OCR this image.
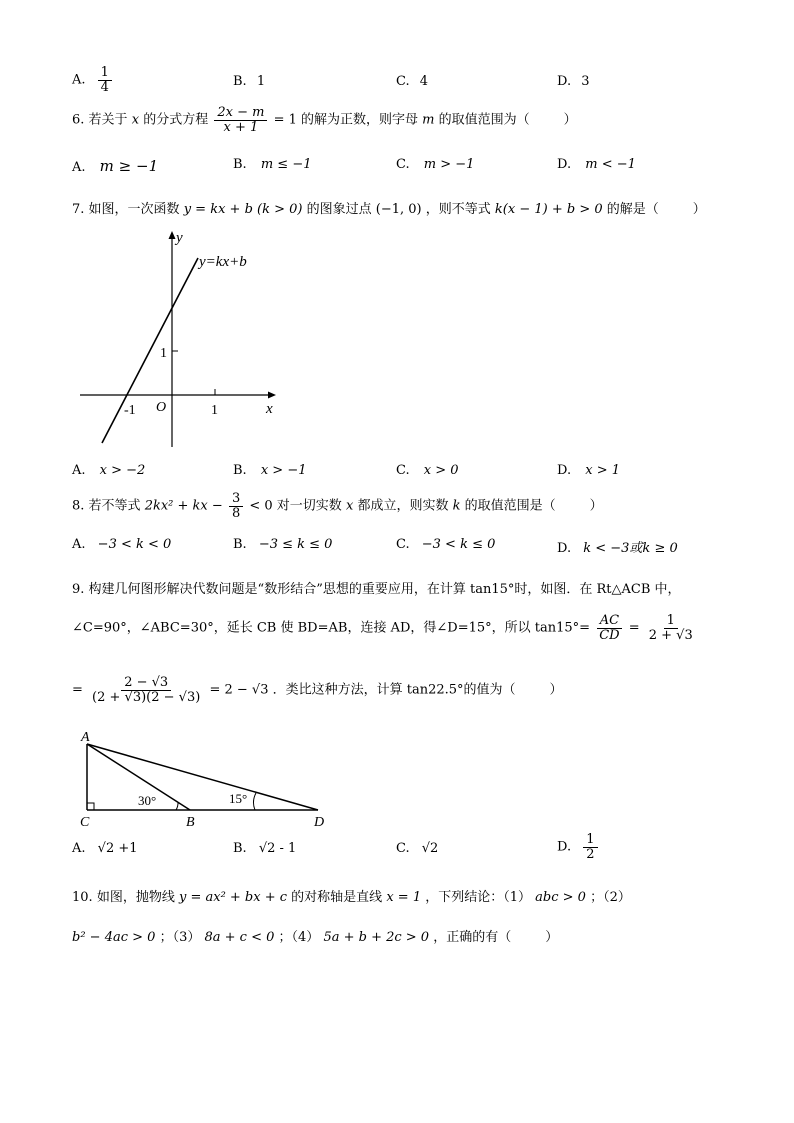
A. $\frac{1}{4}$	B. 1	C. 4	D. 3
6. 若关于 x 的分式方程 $\frac{2x - m}{x + 1} = 1$ 的解为正数，则字母 m 的取值范围为（	）
A. m ≥ −1	B. m ≤ −1	C. m > −1	D. m < −1
7. 如图，一次函数 y = kx + b (k > 0) 的图象过点 (−1, 0) ，则不等式 k(x − 1) + b > 0 的解是（	）
y
x
O
y=kx+b
1
1
-1
A. x > −2	B. x > −1	C. x > 0	D. x > 1
8. 若不等式 2kx² + kx − $\frac{3}{8} < 0$ 对一切实数 x 都成立，则实数 k 的取值范围是（	）
A. −3 < k < 0	B. −3 ≤ k ≤ 0	C. −3 < k ≤ 0	D. k < −3或k ≥ 0
9. 构建几何图形解决代数问题是“数形结合”思想的重要应用，在计算 tan15°时，如图．在 Rt△ACB 中，
∠C=90°，∠ABC=30°，延长 CB 使 BD=AB，连接 AD，得∠D=15°，所以 $\tan 15^\circ= \frac{AC}{CD} = \frac{1}{2 + √3}$
= $\frac{2 - √3}{(2 + √3)(2 - √3)} = 2 - √3$ ．类比这种方法，计算 tan22.5°的值为（	）
A
C	B	D
30°	15°
A. √2 +1	B. √2 - 1	C. √2	D. $\frac{1}{2}$
10. 如图，抛物线 y = ax² + bx + c 的对称轴是直线 x = 1 ，下列结论：（1） abc > 0 ；（2）
b² − 4ac > 0 ；（3） 8a + c < 0 ；（4） 5a + b + 2c > 0 ，正确的有（	）
